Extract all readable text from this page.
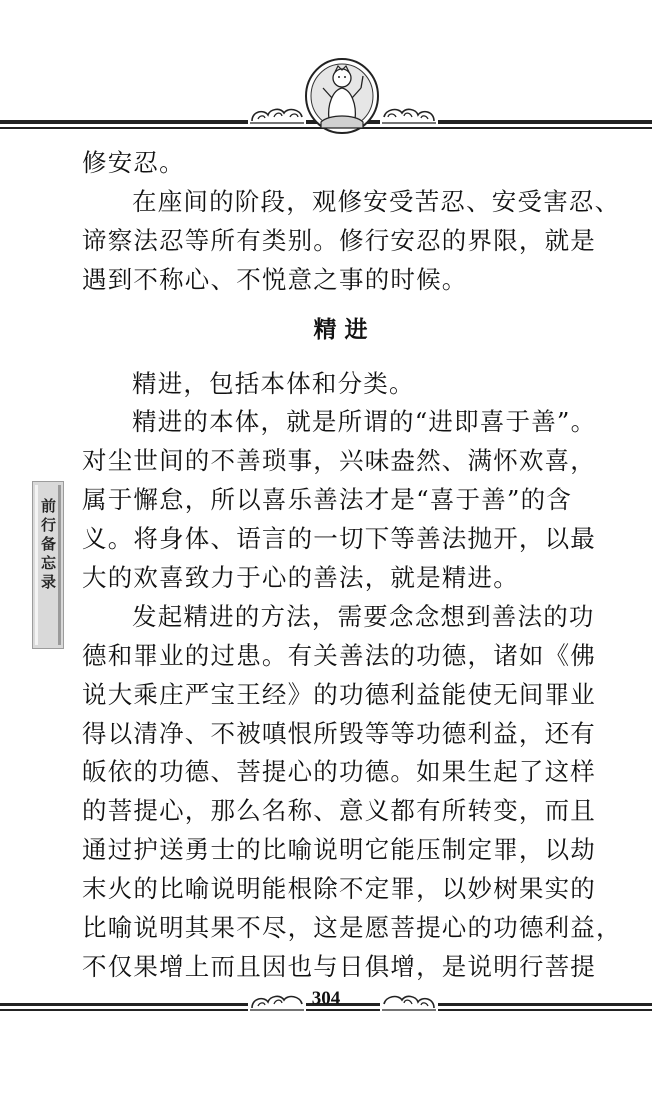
前行备忘录
修安忍。
在座间的阶段，观修安受苦忍、安受害忍、
谛察法忍等所有类别。修行安忍的界限，就是
遇到不称心、不悦意之事的时候。
精进
精进，包括本体和分类。
精进的本体，就是所谓的“进即喜于善”。
对尘世间的不善琐事，兴味盎然、满怀欢喜，
属于懈怠，所以喜乐善法才是“喜于善”的含
义。将身体、语言的一切下等善法抛开，以最
大的欢喜致力于心的善法，就是精进。
发起精进的方法，需要念念想到善法的功
德和罪业的过患。有关善法的功德，诸如《佛
说大乘庄严宝王经》的功德利益能使无间罪业
得以清净、不被嗔恨所毁等等功德利益，还有
皈依的功德、菩提心的功德。如果生起了这样
的菩提心，那么名称、意义都有所转变，而且
通过护送勇士的比喻说明它能压制定罪，以劫
末火的比喻说明能根除不定罪，以妙树果实的
比喻说明其果不尽，这是愿菩提心的功德利益，
不仅果增上而且因也与日俱增，是说明行菩提
304
